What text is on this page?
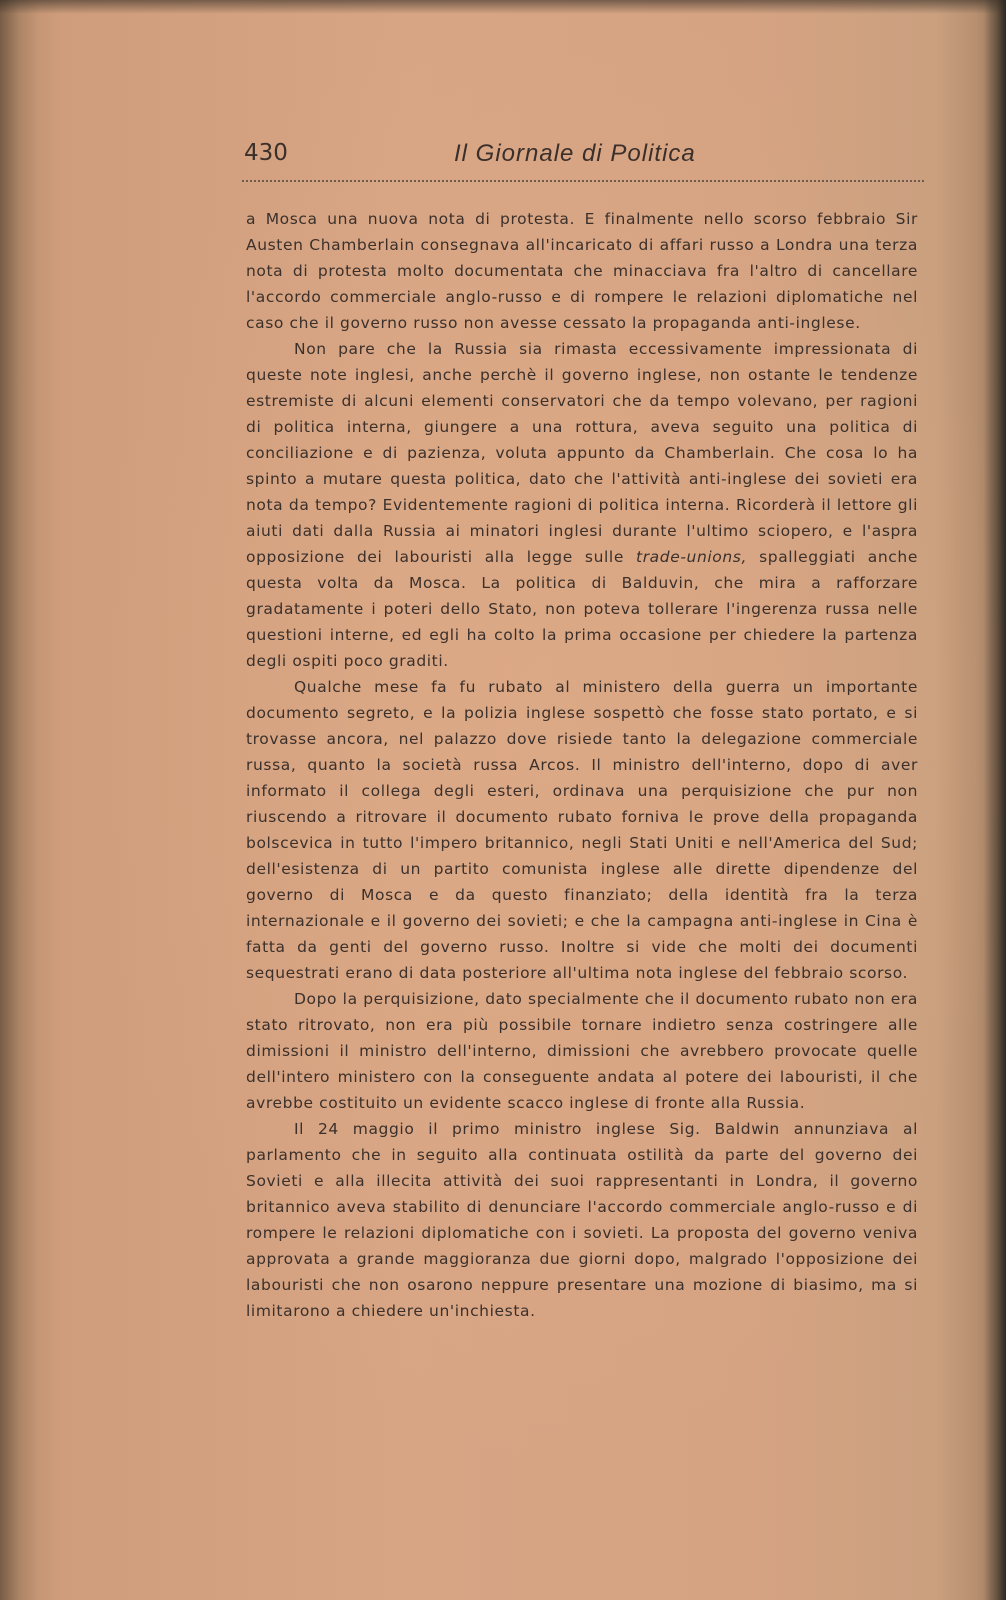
430	Il Giornale di Politica

a Mosca una nuova nota di protesta. E finalmente nello scorso febbraio Sir Austen Chamberlain consegnava all'incaricato di affari russo a Londra una terza nota di protesta molto documentata che minacciava fra l'altro di cancellare l'accordo commerciale anglo-russo e di rompere le relazioni diplomatiche nel caso che il governo russo non avesse cessato la propaganda anti-inglese.

Non pare che la Russia sia rimasta eccessivamente impressionata di queste note inglesi, anche perchè il governo inglese, non ostante le tendenze estremiste di alcuni elementi conservatori che da tempo volevano, per ragioni di politica interna, giungere a una rottura, aveva seguito una politica di conciliazione e di pazienza, voluta appunto da Chamberlain. Che cosa lo ha spinto a mutare questa politica, dato che l'attività anti-inglese dei sovieti era nota da tempo? Evidentemente ragioni di politica interna. Ricorderà il lettore gli aiuti dati dalla Russia ai minatori inglesi durante l'ultimo sciopero, e l'aspra opposizione dei labouristi alla legge sulle trade-unions, spalleggiati anche questa volta da Mosca. La politica di Balduvin, che mira a rafforzare gradatamente i poteri dello Stato, non poteva tollerare l'ingerenza russa nelle questioni interne, ed egli ha colto la prima occasione per chiedere la partenza degli ospiti poco graditi.

Qualche mese fa fu rubato al ministero della guerra un importante documento segreto, e la polizia inglese sospettò che fosse stato portato, e si trovasse ancora, nel palazzo dove risiede tanto la delegazione commerciale russa, quanto la società russa Arcos. Il ministro dell'interno, dopo di aver informato il collega degli esteri, ordinava una perquisizione che pur non riuscendo a ritrovare il documento rubato forniva le prove della propaganda bolscevica in tutto l'impero britannico, negli Stati Uniti e nell'America del Sud; dell'esistenza di un partito comunista inglese alle dirette dipendenze del governo di Mosca e da questo finanziato; della identità fra la terza internazionale e il governo dei sovieti; e che la campagna anti-inglese in Cina è fatta da genti del governo russo. Inoltre si vide che molti dei documenti sequestrati erano di data posteriore all'ultima nota inglese del febbraio scorso.

Dopo la perquisizione, dato specialmente che il documento rubato non era stato ritrovato, non era più possibile tornare indietro senza costringere alle dimissioni il ministro dell'interno, dimissioni che avrebbero provocate quelle dell'intero ministero con la conseguente andata al potere dei labouristi, il che avrebbe costituito un evidente scacco inglese di fronte alla Russia.

Il 24 maggio il primo ministro inglese Sig. Baldwin annunziava al parlamento che in seguito alla continuata ostilità da parte del governo dei Sovieti e alla illecita attività dei suoi rappresentanti in Londra, il governo britannico aveva stabilito di denunciare l'accordo commerciale anglo-russo e di rompere le relazioni diplomatiche con i sovieti. La proposta del governo veniva approvata a grande maggioranza due giorni dopo, malgrado l'opposizione dei labouristi che non osarono neppure presentare una mozione di biasimo, ma si limitarono a chiedere un'inchiesta.
